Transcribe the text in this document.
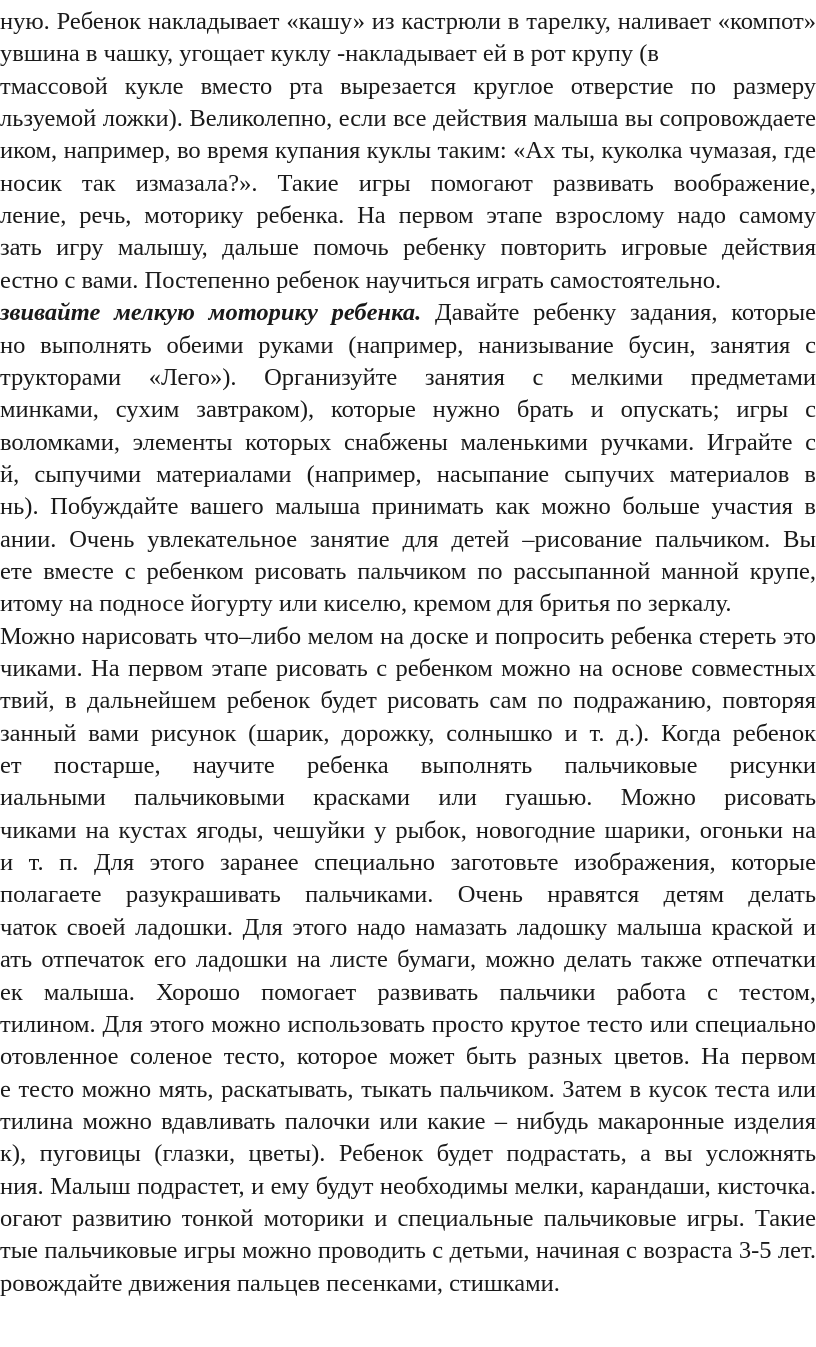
ную. Ребенок накладывает «кашу» из кастрюли в тарелку, наливает «компот»
увшина в чашку, угощает куклу -накладывает ей в рот крупу (в
тмассовой кукле вместо рта вырезается круглое отверстие по размеру
льзуемой ложки). Великолепно, если все действия малыша вы сопровождаете
иком, например, во время купания куклы таким: «Ах ты, куколка чумазая, где
носик так измазала?». Такие игры помогают развивать воображение,
ление, речь, моторику ребенка. На первом этапе взрослому надо самому
зать игру малышу, дальше помочь ребенку повторить игровые действия
естно с вами. Постепенно ребенок научиться играть самостоятельно.
звивайте мелкую моторику ребенка. Давайте ребенку задания, которые
но выполнять обеими руками (например, нанизывание бусин, занятия с
трукторами «Лего»). Организуйте занятия с мелкими предметами
минками, сухим завтраком), которые нужно брать и опускать; игры с
воломками, элементы которых снабжены маленькими ручками. Играйте с
й, сыпучими материалами (например, насыпание сыпучих материалов в
нь). Побуждайте вашего малыша принимать как можно больше участия в
ании. Очень увлекательное занятие для детей –рисование пальчиком. Вы
ете вместе с ребенком рисовать пальчиком по рассыпанной манной крупе,
итому на подносе йогурту или киселю, кремом для бритья по зеркалу.
Можно нарисовать что–либо мелом на доске и попросить ребенка стереть это
чиками. На первом этапе рисовать с ребенком можно на основе совместных
твий, в дальнейшем ребенок будет рисовать сам по подражанию, повторяя
занный вами рисунок (шарик, дорожку, солнышко и т. д.). Когда ребенок
ет постарше, научите ребенка выполнять пальчиковые рисунки
иальными пальчиковыми красками или гуашью. Можно рисовать
чиками на кустах ягоды, чешуйки у рыбок, новогодние шарики, огоньки на
и т. п. Для этого заранее специально заготовьте изображения, которые
полагаете разукрашивать пальчиками. Очень нравятся детям делать
чаток своей ладошки. Для этого надо намазать ладошку малыша краской и
ать отпечаток его ладошки на листе бумаги, можно делать также отпечатки
ек малыша. Хорошо помогает развивать пальчики работа с тестом,
тилином. Для этого можно использовать просто крутое тесто или специально
отовленное соленое тесто, которое может быть разных цветов. На первом
е тесто можно мять, раскатывать, тыкать пальчиком. Затем в кусок теста или
тилина можно вдавливать палочки или какие – нибудь макаронные изделия
к), пуговицы (глазки, цветы). Ребенок будет подрастать, а вы усложнять
ния. Малыш подрастет, и ему будут необходимы мелки, карандаши, кисточка.
огают развитию тонкой моторики и специальные пальчиковые игры. Такие
тые пальчиковые игры можно проводить с детьми, начиная с возраста 3-5 лет.
ровождайте движения пальцев песенками, стишками.
